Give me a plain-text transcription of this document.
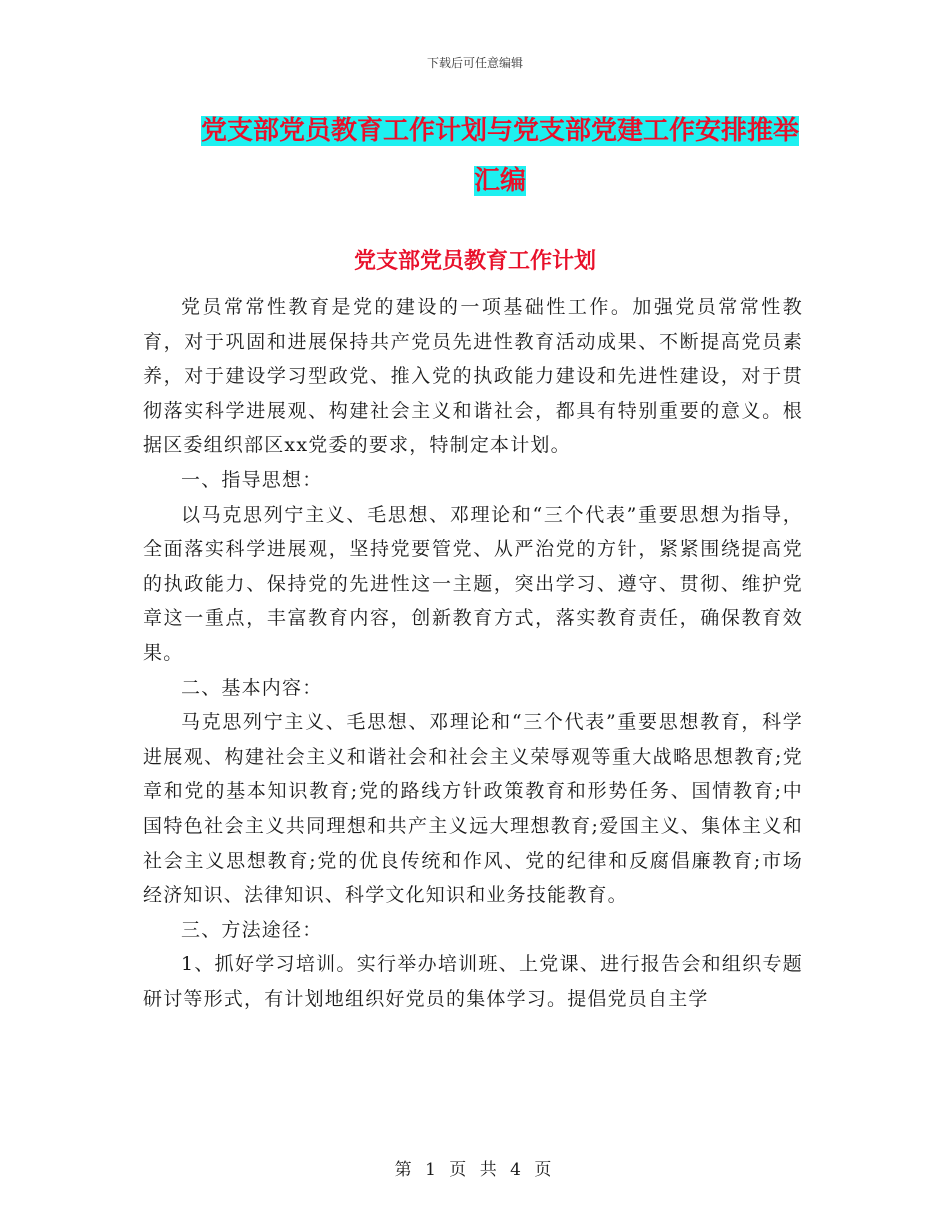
下载后可任意编辑
党支部党员教育工作计划与党支部党建工作安排推举汇编
党支部党员教育工作计划

党员常常性教育是党的建设的一项基础性工作。加强党员常常性教育，对于巩固和进展保持共产党员先进性教育活动成果、不断提高党员素养，对于建设学习型政党、推入党的执政能力建设和先进性建设，对于贯彻落实科学进展观、构建社会主义和谐社会，都具有特别重要的意义。根据区委组织部区xx党委的要求，特制定本计划。

一、指导思想：

以马克思列宁主义、毛思想、邓理论和“三个代表”重要思想为指导，全面落实科学进展观，坚持党要管党、从严治党的方针，紧紧围绕提高党的执政能力、保持党的先进性这一主题，突出学习、遵守、贯彻、维护党章这一重点，丰富教育内容，创新教育方式，落实教育责任，确保教育效果。

二、基本内容：

马克思列宁主义、毛思想、邓理论和“三个代表”重要思想教育，科学进展观、构建社会主义和谐社会和社会主义荣辱观等重大战略思想教育;党章和党的基本知识教育;党的路线方针政策教育和形势任务、国情教育;中国特色社会主义共同理想和共产主义远大理想教育;爱国主义、集体主义和社会主义思想教育;党的优良传统和作风、党的纪律和反腐倡廉教育;市场经济知识、法律知识、科学文化知识和业务技能教育。

三、方法途径：

1、抓好学习培训。实行举办培训班、上党课、进行报告会和组织专题研讨等形式，有计划地组织好党员的集体学习。提倡党员自主学

第 1 页 共 4 页
